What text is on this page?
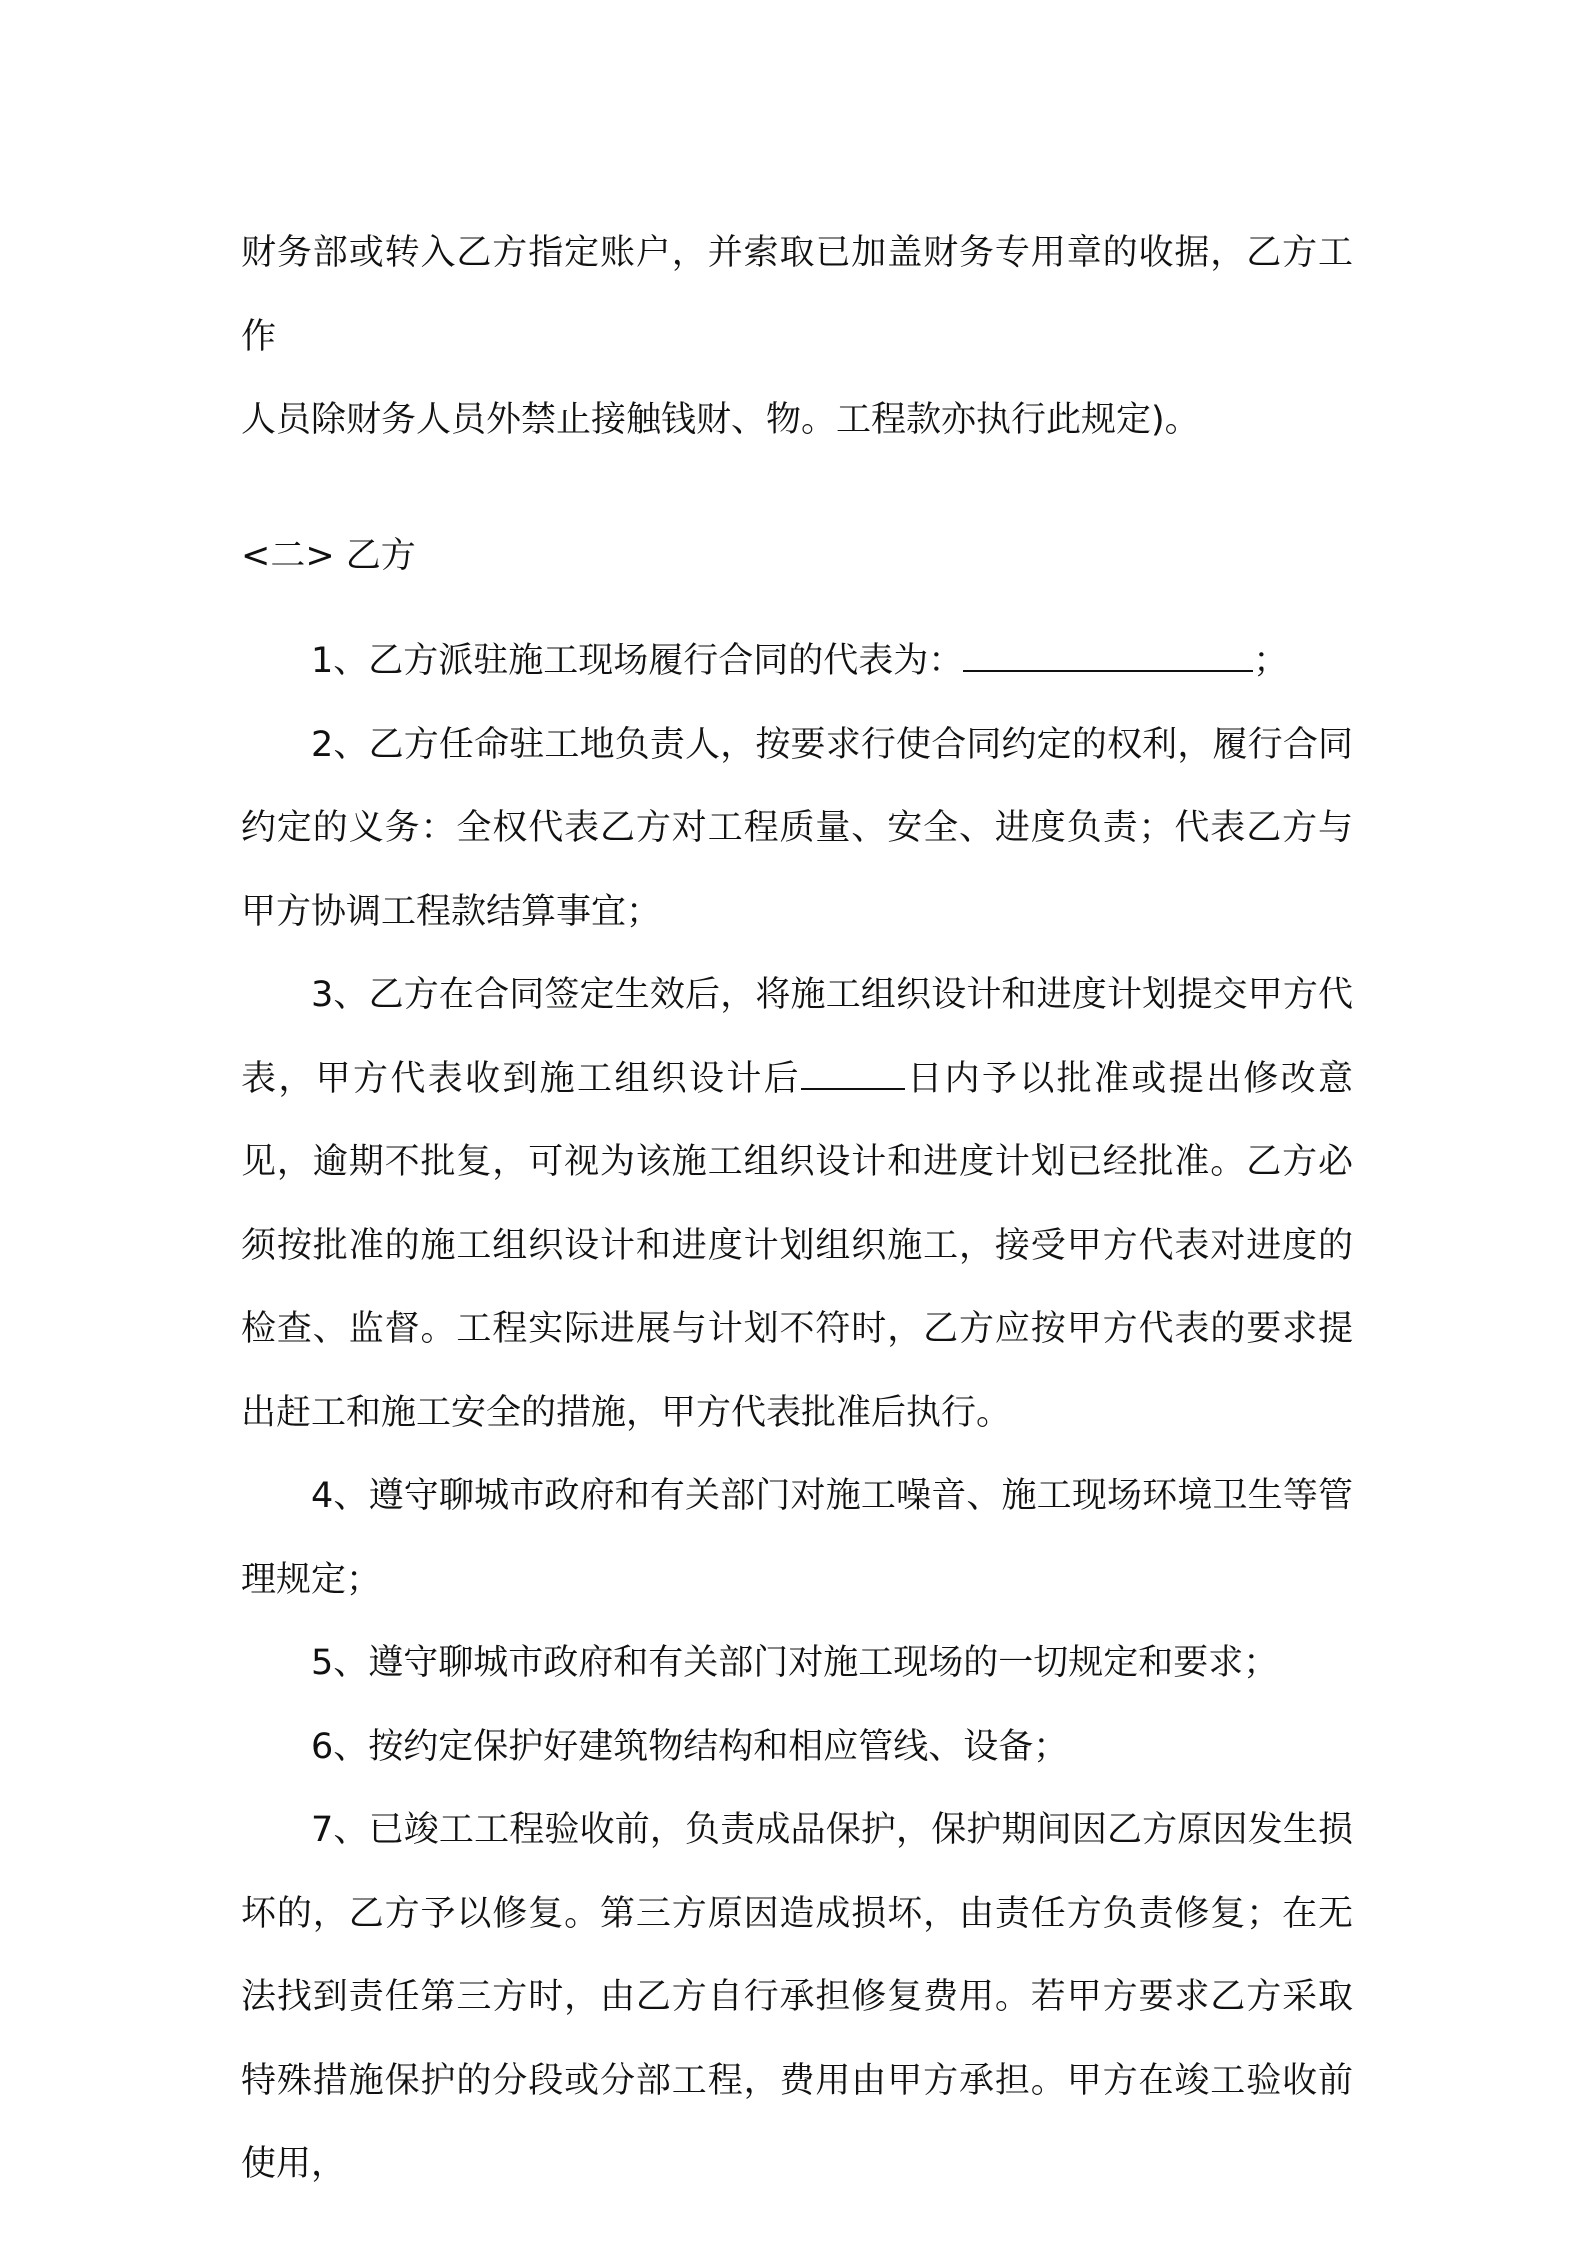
财务部或转入乙方指定账户，并索取已加盖财务专用章的收据，乙方工作

人员除财务人员外禁止接触钱财、物。工程款亦执行此规定)。

<二> 乙方

1、乙方派驻施工现场履行合同的代表为：	；

2、乙方任命驻工地负责人，按要求行使合同约定的权利，履行合同约定的义务：全权代表乙方对工程质量、安全、进度负责；代表乙方与甲方协调工程款结算事宜；

3、乙方在合同签定生效后，将施工组织设计和进度计划提交甲方代表，甲方代表收到施工组织设计后	日内予以批准或提出修改意见，逾期不批复，可视为该施工组织设计和进度计划已经批准。乙方必须按批准的施工组织设计和进度计划组织施工，接受甲方代表对进度的检查、监督。工程实际进展与计划不符时，乙方应按甲方代表的要求提出赶工和施工安全的措施，甲方代表批准后执行。

4、遵守聊城市政府和有关部门对施工噪音、施工现场环境卫生等管理规定；

5、遵守聊城市政府和有关部门对施工现场的一切规定和要求；

6、按约定保护好建筑物结构和相应管线、设备；

7、已竣工工程验收前，负责成品保护，保护期间因乙方原因发生损坏的，乙方予以修复。第三方原因造成损坏，由责任方负责修复；在无法找到责任第三方时，由乙方自行承担修复费用。若甲方要求乙方采取特殊措施保护的分段或分部工程，费用由甲方承担。甲方在竣工验收前使用，
